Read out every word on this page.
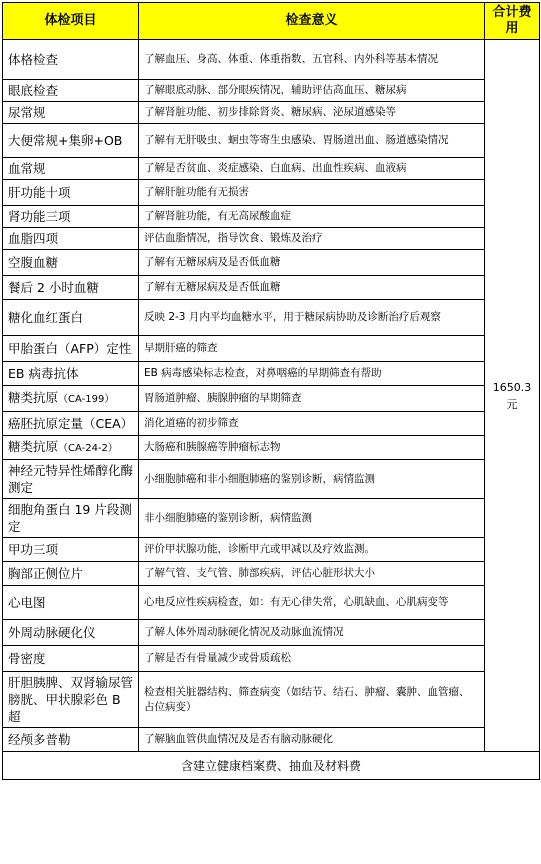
体检项目	检查意义	合计费用
体格检查	了解血压、身高、体重、体重指数、五官科、内外科等基本情况	1650.3元
眼底检查	了解眼底动脉、部分眼疾情况，辅助评估高血压、糖尿病	
尿常规	了解肾脏功能、初步排除肾炎、糖尿病、泌尿道感染等	
大便常规+集卵+OB	了解有无肝吸虫、蛔虫等寄生虫感染、胃肠道出血、肠道感染情况	
血常规	了解是否贫血、炎症感染、白血病、出血性疾病、血液病	
肝功能十项	了解肝脏功能有无损害	
肾功能三项	了解肾脏功能，有无高尿酸血症	
血脂四项	评估血脂情况，指导饮食、锻炼及治疗	
空腹血糖	了解有无糖尿病及是否低血糖	
餐后 2 小时血糖	了解有无糖尿病及是否低血糖	
糖化血红蛋白	反映 2-3 月内平均血糖水平，用于糖尿病协助及诊断治疗后观察	
甲胎蛋白（AFP）定性	早期肝癌的筛查	
EB 病毒抗体	EB 病毒感染标志检查，对鼻咽癌的早期筛查有帮助	
糖类抗原（CA-199）	胃肠道肿瘤、胰腺肿瘤的早期筛查	
癌胚抗原定量（CEA）	消化道癌的初步筛查	
糖类抗原（CA-24-2）	大肠癌和胰腺癌等肿瘤标志物	
神经元特异性烯醇化酶测定	小细胞肺癌和非小细胞肺癌的鉴别诊断，病情监测	
细胞角蛋白 19 片段测定	非小细胞肺癌的鉴别诊断，病情监测	
甲功三项	评价甲状腺功能，诊断甲亢或甲减以及疗效监测。	
胸部正侧位片	了解气管、支气管、肺部疾病，评估心脏形状大小	
心电图	心电反应性疾病检查，如：有无心律失常，心肌缺血、心肌病变等	
外周动脉硬化仪	了解人体外周动脉硬化情况及动脉血流情况	
骨密度	了解是否有骨量减少或骨质疏松	
肝胆胰脾、双肾输尿管膀胱、甲状腺彩色 B 超	检查相关脏器结构、筛查病变（如结节、结石、肿瘤、囊肿、血管瘤、占位病变）	
经颅多普勒	了解脑血管供血情况及是否有脑动脉硬化	
含建立健康档案费、抽血及材料费		
